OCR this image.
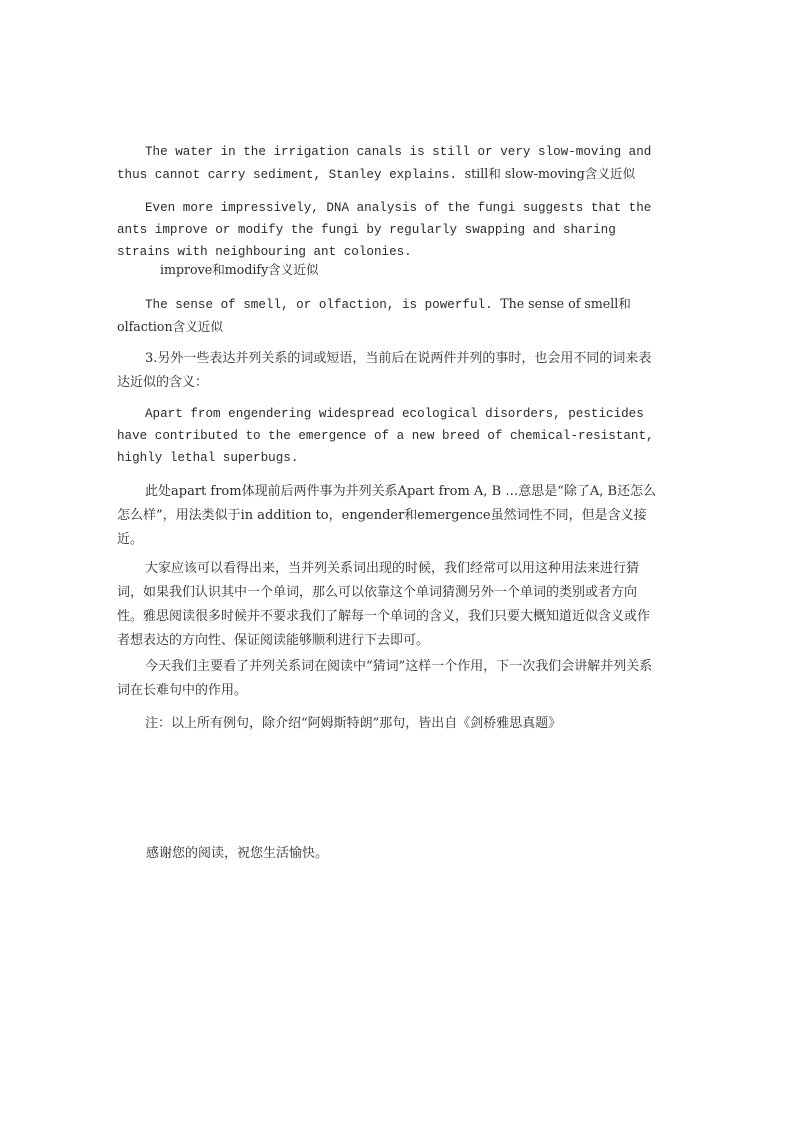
The water in the irrigation canals is still or very slow-moving and thus cannot carry sediment, Stanley explains. still和 slow-moving含义近似

Even more impressively, DNA analysis of the fungi suggests that the ants improve or modify the fungi by regularly swapping and sharing strains with neighbouring ant colonies.

improve和modify含义近似

The sense of smell, or olfaction, is powerful. The sense of smell和olfaction含义近似

3.另外一些表达并列关系的词或短语，当前后在说两件并列的事时，也会用不同的词来表达近似的含义：

Apart from engendering widespread ecological disorders, pesticides have contributed to the emergence of a new breed of chemical-resistant, highly lethal superbugs.

此处apart from体现前后两件事为并列关系Apart from A, B …意思是“除了A, B还怎么怎么样”，用法类似于in addition to，engender和emergence虽然词性不同，但是含义接近。

大家应该可以看得出来，当并列关系词出现的时候，我们经常可以用这种用法来进行猜词，如果我们认识其中一个单词，那么可以依靠这个单词猜测另外一个单词的类别或者方向性。雅思阅读很多时候并不要求我们了解每一个单词的含义，我们只要大概知道近似含义或作者想表达的方向性、保证阅读能够顺利进行下去即可。

今天我们主要看了并列关系词在阅读中“猜词”这样一个作用，下一次我们会讲解并列关系词在长难句中的作用。

注：以上所有例句，除介绍“阿姆斯特朗”那句，皆出自《剑桥雅思真题》

感谢您的阅读，祝您生活愉快。
